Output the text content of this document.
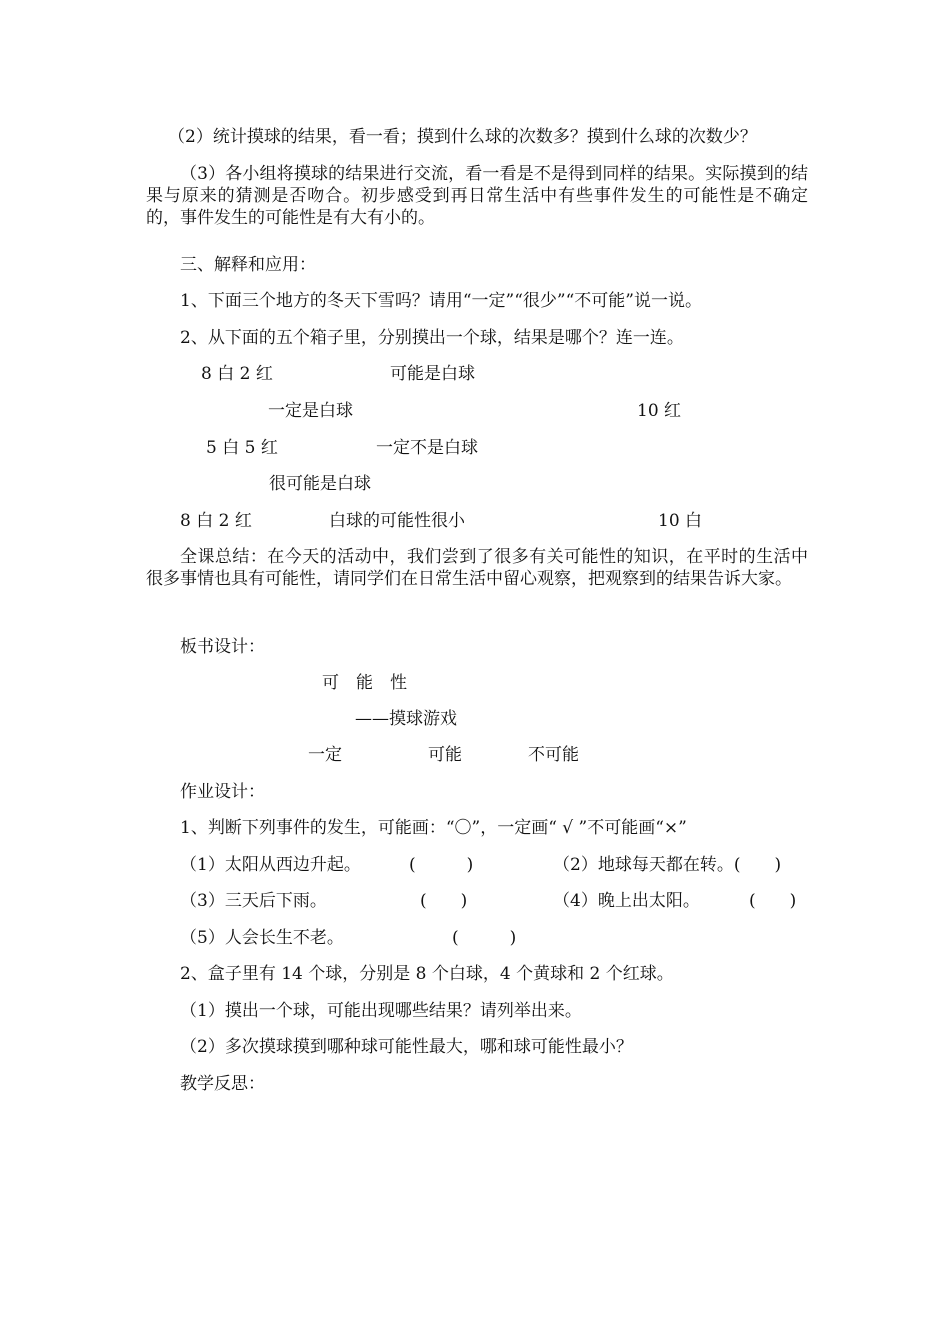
（2）统计摸球的结果，看一看；摸到什么球的次数多？摸到什么球的次数少？

（3）各小组将摸球的结果进行交流，看一看是不是得到同样的结果。实际摸到的结果与原来的猜测是否吻合。初步感受到再日常生活中有些事件发生的可能性是不确定的，事件发生的可能性是有大有小的。

三、解释和应用：
1、下面三个地方的冬天下雪吗？请用“一定”“很少”“不可能”说一说。
2、从下面的五个箱子里，分别摸出一个球，结果是哪个？连一连。
8 白 2 红	可能是白球
一定是白球	10 红
5 白 5 红	一定不是白球
很可能是白球
8 白 2 红	白球的可能性很小	10 白

全课总结：在今天的活动中，我们尝到了很多有关可能性的知识，在平时的生活中很多事情也具有可能性，请同学们在日常生活中留心观察，把观察到的结果告诉大家。

板书设计：
可　能　性
——摸球游戏
一定	可能	不可能
作业设计：
1、判断下列事件的发生，可能画：“〇”，一定画“ √ ”不可能画“×”
（1）太阳从西边升起。	(　　　)	（2）地球每天都在转。(　　)
（3）三天后下雨。	(　　)	（4）晚上出太阳。	(　　)
（5）人会长生不老。	(　　　)
2、盒子里有 14 个球，分别是 8 个白球，4 个黄球和 2 个红球。
（1）摸出一个球，可能出现哪些结果？请列举出来。
（2）多次摸球摸到哪种球可能性最大，哪和球可能性最小？
教学反思：
